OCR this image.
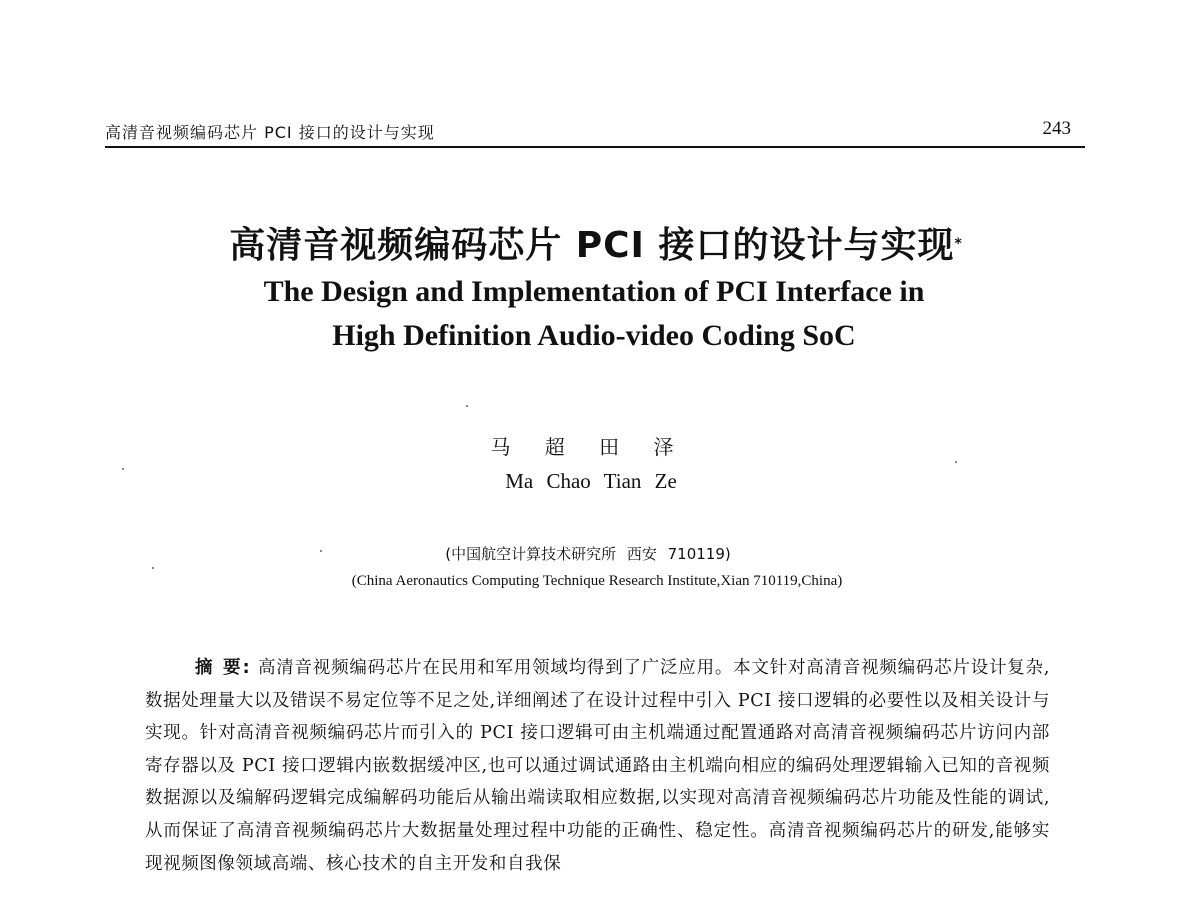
高清音视频编码芯片 PCI 接口的设计与实现	243
高清音视频编码芯片 PCI 接口的设计与实现*
The Design and Implementation of PCI Interface in
High Definition Audio-video Coding SoC
马 超 田 泽
Ma Chao Tian Ze
(中国航空计算技术研究所 西安 710119)
(China Aeronautics Computing Technique Research Institute,Xian 710119,China)
摘 要: 高清音视频编码芯片在民用和军用领域均得到了广泛应用。本文针对高清音视频编码芯片设计复杂,数据处理量大以及错误不易定位等不足之处,详细阐述了在设计过程中引入 PCI 接口逻辑的必要性以及相关设计与实现。针对高清音视频编码芯片而引入的 PCI 接口逻辑可由主机端通过配置通路对高清音视频编码芯片访问内部寄存器以及 PCI 接口逻辑内嵌数据缓冲区,也可以通过调试通路由主机端向相应的编码处理逻辑输入已知的音视频数据源以及编解码逻辑完成编解码功能后从输出端读取相应数据,以实现对高清音视频编码芯片功能及性能的调试,从而保证了高清音视频编码芯片大数据量处理过程中功能的正确性、稳定性。高清音视频编码芯片的研发,能够实现视频图像领域高端、核心技术的自主开发和自我保
